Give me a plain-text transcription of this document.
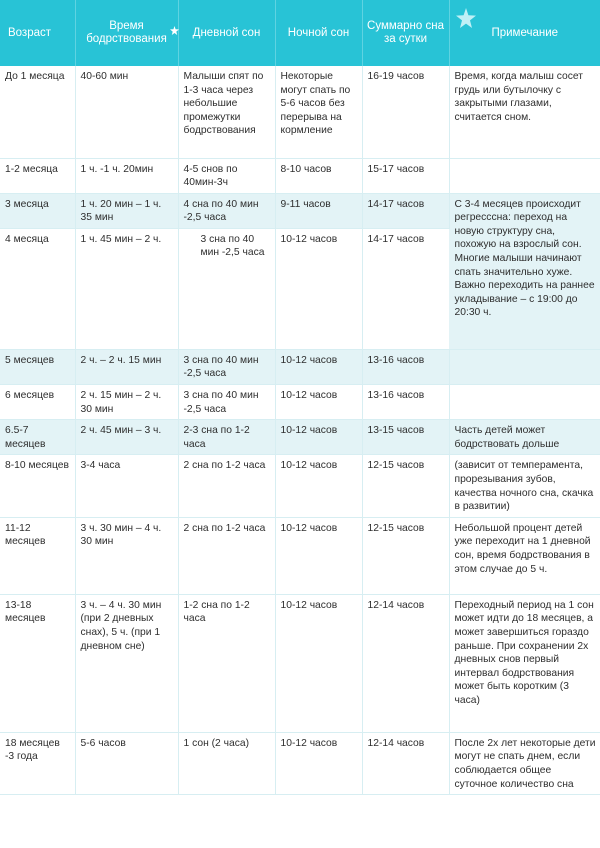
Возраст	Время бодрствования	Дневной сон	Ночной сон	Суммарно сна за сутки	Примечание
До 1 месяца	40-60 мин	Малыши спят по 1-3 часа через небольшие промежутки бодрствования	Некоторые могут спать по 5-6 часов без перерыва на кормление	16-19 часов	Время, когда малыш сосет грудь или бутылочку с закрытыми глазами, считается сном.
1-2 месяца	1 ч. -1 ч. 20мин	4-5 снов по 40мин-3ч	8-10 часов	15-17 часов	
3 месяца	1 ч. 20 мин – 1 ч. 35 мин	4 сна по 40 мин -2,5 часа	9-11 часов	14-17 часов	С 3-4 месяцев происходит регресссна: переход на новую структуру сна, похожую на взрослый сон. Многие малыши начинают спать значительно хуже. Важно переходить на раннее укладывание – с 19:00 до 20:30 ч.
4 месяца	1 ч. 45 мин – 2 ч.	3 сна по 40 мин -2,5 часа	10-12 часов	14-17 часов	
5 месяцев	2 ч. – 2 ч. 15 мин	3 сна по 40 мин -2,5 часа	10-12 часов	13-16 часов	
6 месяцев	2 ч. 15 мин – 2 ч. 30 мин	3 сна по 40 мин -2,5 часа	10-12 часов	13-16 часов	
6.5-7 месяцев	2 ч. 45 мин – 3 ч.	2-3 сна по 1-2 часа	10-12 часов	13-15 часов	Часть детей может бодрствовать дольше
8-10 месяцев	3-4 часа	2 сна по 1-2 часа	10-12 часов	12-15 часов	(зависит от темперамента, прорезывания зубов, качества ночного сна, скачка в развитии)
11-12 месяцев	3 ч. 30 мин – 4 ч. 30 мин	2 сна по 1-2 часа	10-12 часов	12-15 часов	Небольшой процент детей уже переходит на 1 дневной сон, время бодрствования в этом случае до 5 ч.
13-18 месяцев	3 ч. – 4 ч. 30 мин (при 2 дневных снах), 5 ч. (при 1 дневном сне)	1-2 сна по 1-2 часа	10-12 часов	12-14 часов	Переходный период на 1 сон может идти до 18 месяцев, а может завершиться гораздо раньше. При сохранении 2х дневных снов первый интервал бодрствования может быть коротким (3 часа)
18 месяцев -3 года	5-6 часов	1 сон (2 часа)	10-12 часов	12-14 часов	После 2х лет некоторые дети могут не спать днем, если соблюдается общее суточное количество сна
